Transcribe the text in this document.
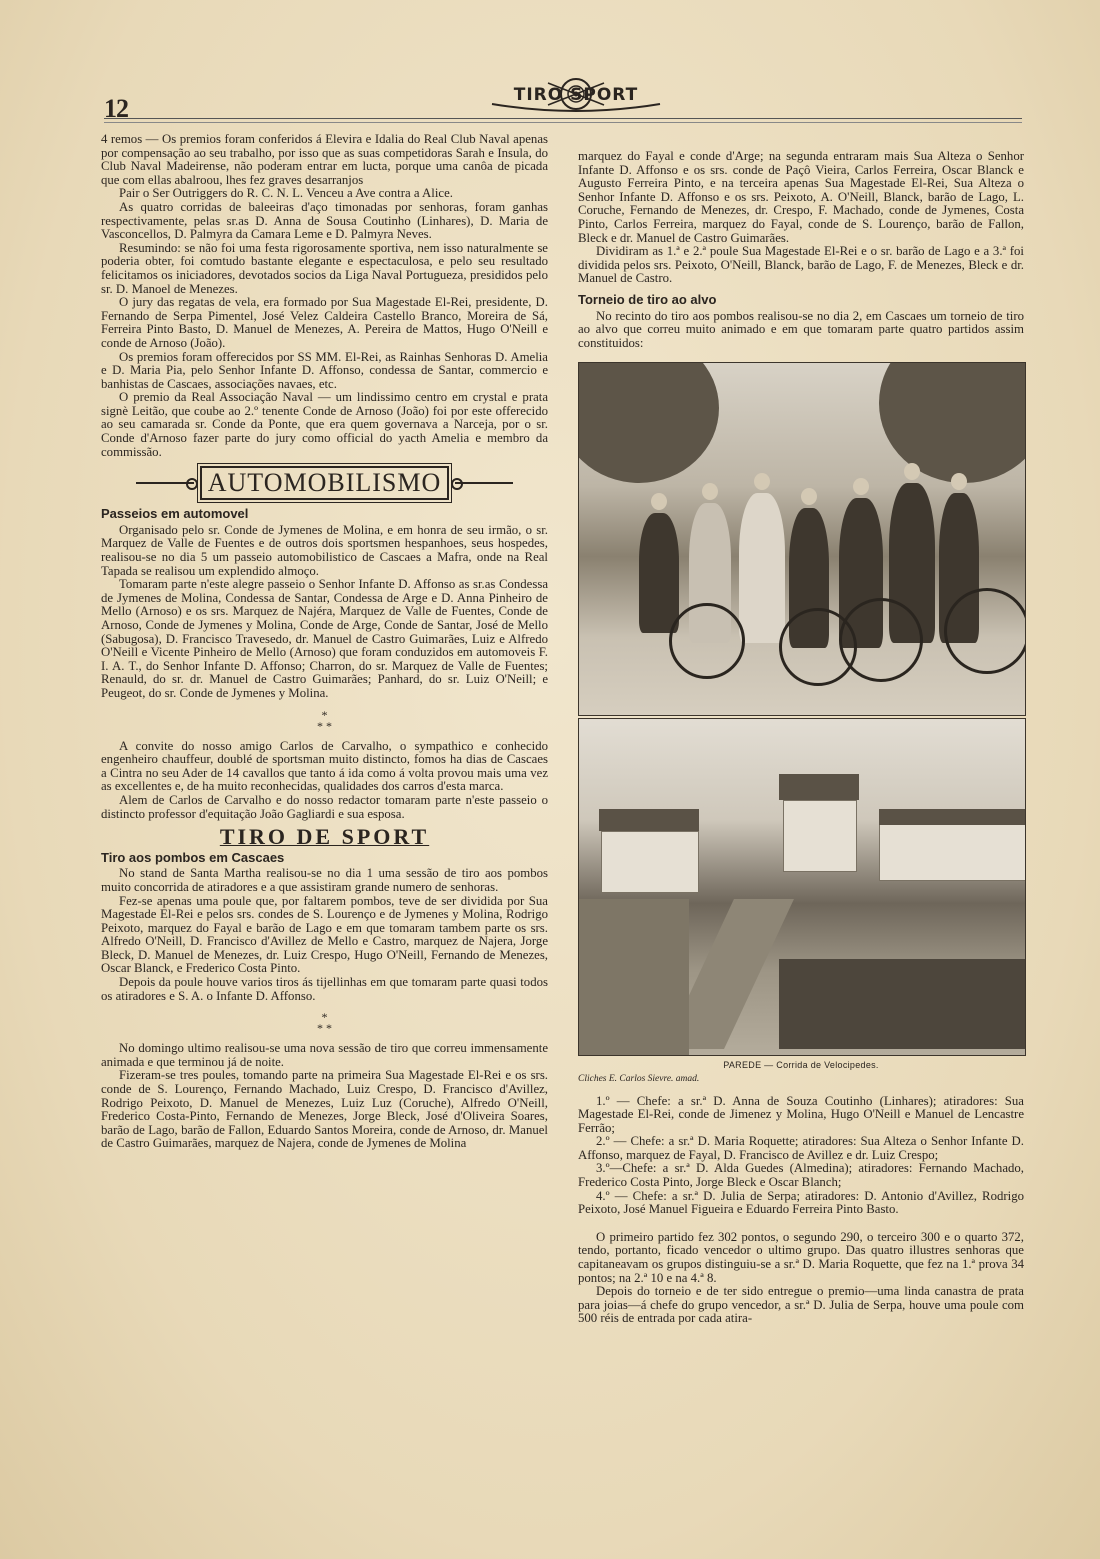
12	TIRO SPORT

4 remos — Os premios foram conferidos á Elevira e Idalia do Real Club Naval apenas por compensação ao seu trabalho, por isso que as suas competidoras Sarah e Insula, do Club Naval Madeirense, não poderam entrar em lucta, porque uma canôa de picada que com ellas abalroou, lhes fez graves desarranjos

Pair o Ser Outriggers do R. C. N. L. Venceu a Ave contra a Alice.

As quatro corridas de baleeiras d'aço timonadas por senhoras, foram ganhas respectivamente, pelas sr.as D. Anna de Sousa Coutinho (Linhares), D. Maria de Vasconcellos, D. Palmyra da Camara Leme e D. Palmyra Neves.

Resumindo: se não foi uma festa rigorosamente sportiva, nem isso naturalmente se poderia obter, foi comtudo bastante elegante e espectaculosa, e pelo seu resultado felicitamos os iniciadores, devotados socios da Liga Naval Portugueza, presididos pelo sr. D. Manoel de Menezes.

O jury das regatas de vela, era formado por Sua Magestade El-Rei, presidente, D. Fernando de Serpa Pimentel, José Velez Caldeira Castello Branco, Moreira de Sá, Ferreira Pinto Basto, D. Manuel de Menezes, A. Pereira de Mattos, Hugo O'Neill e conde de Arnoso (João).

Os premios foram offerecidos por SS MM. El-Rei, as Rainhas Senhoras D. Amelia e D. Maria Pia, pelo Senhor Infante D. Affonso, condessa de Santar, commercio e banhistas de Cascaes, associações navaes, etc.

O premio da Real Associação Naval — um lindissimo centro em crystal e prata signè Leitão, que coube ao 2.º tenente Conde de Arnoso (João) foi por este offerecido ao seu camarada sr. Conde da Ponte, que era quem governava a Narceja, por o sr. Conde d'Arnoso fazer parte do jury como official do yacth Amelia e membro da commissão.

AUTOMOBILISMO
Passeios em automovel

Organisado pelo sr. Conde de Jymenes de Molina, e em honra de seu irmão, o sr. Marquez de Valle de Fuentes e de outros dois sportsmen hespanhoes, seus hospedes, realisou-se no dia 5 um passeio automobilistico de Cascaes a Mafra, onde na Real Tapada se realisou um explendido almoço.

Tomaram parte n'este alegre passeio o Senhor Infante D. Affonso as sr.as Condessa de Jymenes de Molina, Condessa de Santar, Condessa de Arge e D. Anna Pinheiro de Mello (Arnoso) e os srs. Marquez de Najéra, Marquez de Valle de Fuentes, Conde de Arnoso, Conde de Jymenes y Molina, Conde de Arge, Conde de Santar, José de Mello (Sabugosa), D. Francisco Travesedo, dr. Manuel de Castro Guimarães, Luiz e Alfredo O'Neill e Vicente Pinheiro de Mello (Arnoso) que foram conduzidos em automoveis F. I. A. T., do Senhor Infante D. Affonso; Charron, do sr. Marquez de Valle de Fuentes; Renauld, do sr. dr. Manuel de Castro Guimarães; Panhard, do sr. Luiz O'Neill; e Peugeot, do sr. Conde de Jymenes y Molina.

*
* *

A convite do nosso amigo Carlos de Carvalho, o sympathico e conhecido engenheiro chauffeur, doublé de sportsman muito distincto, fomos ha dias de Cascaes a Cintra no seu Ader de 14 cavallos que tanto á ida como á volta provou mais uma vez as excellentes e, de ha muito reconhecidas, qualidades dos carros d'esta marca.

Alem de Carlos de Carvalho e do nosso redactor tomaram parte n'este passeio o distincto professor d'equitação João Gagliardi e sua esposa.

TIRO DE SPORT
Tiro aos pombos em Cascaes

No stand de Santa Martha realisou-se no dia 1 uma sessão de tiro aos pombos muito concorrida de atiradores e a que assistiram grande numero de senhoras.

Fez-se apenas uma poule que, por faltarem pombos, teve de ser dividida por Sua Magestade El-Rei e pelos srs. condes de S. Lourenço e de Jymenes y Molina, Rodrigo Peixoto, marquez do Fayal e barão de Lago e em que tomaram tambem parte os srs. Alfredo O'Neill, D. Francisco d'Avillez de Mello e Castro, marquez de Najera, Jorge Bleck, D. Manuel de Menezes, dr. Luiz Crespo, Hugo O'Neill, Fernando de Menezes, Oscar Blanck, e Frederico Costa Pinto.

Depois da poule houve varios tiros ás tijellinhas em que tomaram parte quasi todos os atiradores e S. A. o Infante D. Affonso.

*
* *

No domingo ultimo realisou-se uma nova sessão de tiro que correu immensamente animada e que terminou já de noite.

Fizeram-se tres poules, tomando parte na primeira Sua Magestade El-Rei e os srs. conde de S. Lourenço, Fernando Machado, Luiz Crespo, D. Francisco d'Avillez, Rodrigo Peixoto, D. Manuel de Menezes, Luiz Luz (Coruche), Alfredo O'Neill, Frederico Costa-Pinto, Fernando de Menezes, Jorge Bleck, José d'Oliveira Soares, barão de Lago, barão de Fallon, Eduardo Santos Moreira, conde de Arnoso, dr. Manuel de Castro Guimarães, marquez de Najera, conde de Jymenes de Molina

marquez do Fayal e conde d'Arge; na segunda entraram mais Sua Alteza o Senhor Infante D. Affonso e os srs. conde de Paçô Vieira, Carlos Ferreira, Oscar Blanck e Augusto Ferreira Pinto, e na terceira apenas Sua Magestade El-Rei, Sua Alteza o Senhor Infante D. Affonso e os srs. Peixoto, A. O'Neill, Blanck, barão de Lago, L. Coruche, Fernando de Menezes, dr. Crespo, F. Machado, conde de Jymenes, Costa Pinto, Carlos Ferreira, marquez do Fayal, conde de S. Lourenço, barão de Fallon, Bleck e dr. Manuel de Castro Guimarães.

Dividiram as 1.ª e 2.ª poule Sua Magestade El-Rei e o sr. barão de Lago e a 3.ª foi dividida pelos srs. Peixoto, O'Neill, Blanck, barão de Lago, F. de Menezes, Bleck e dr. Manuel de Castro.

Torneio de tiro ao alvo

No recinto do tiro aos pombos realisou-se no dia 2, em Cascaes um torneio de tiro ao alvo que correu muito animado e em que tomaram parte quatro partidos assim constituidos:

PAREDE — Corrida de Velocipedes.
Cliches E. Carlos Sievre. amad.

1.º — Chefe: a sr.ª D. Anna de Souza Coutinho (Linhares); atiradores: Sua Magestade El-Rei, conde de Jimenez y Molina, Hugo O'Neill e Manuel de Lencastre Ferrão;

2.º — Chefe: a sr.ª D. Maria Roquette; atiradores: Sua Alteza o Senhor Infante D. Affonso, marquez de Fayal, D. Francisco de Avillez e dr. Luiz Crespo;

3.º—Chefe: a sr.ª D. Alda Guedes (Almedina); atiradores: Fernando Machado, Frederico Costa Pinto, Jorge Bleck e Oscar Blanch;

4.º — Chefe: a sr.ª D. Julia de Serpa; atiradores: D. Antonio d'Avillez, Rodrigo Peixoto, José Manuel Figueira e Eduardo Ferreira Pinto Basto.

O primeiro partido fez 302 pontos, o segundo 290, o terceiro 300 e o quarto 372, tendo, portanto, ficado vencedor o ultimo grupo. Das quatro illustres senhoras que capitaneavam os grupos distinguiu-se a sr.ª D. Maria Roquette, que fez na 1.ª prova 34 pontos; na 2.ª 10 e na 4.ª 8.

Depois do torneio e de ter sido entregue o premio—uma linda canastra de prata para joias—á chefe do grupo vencedor, a sr.ª D. Julia de Serpa, houve uma poule com 500 réis de entrada por cada atira-
